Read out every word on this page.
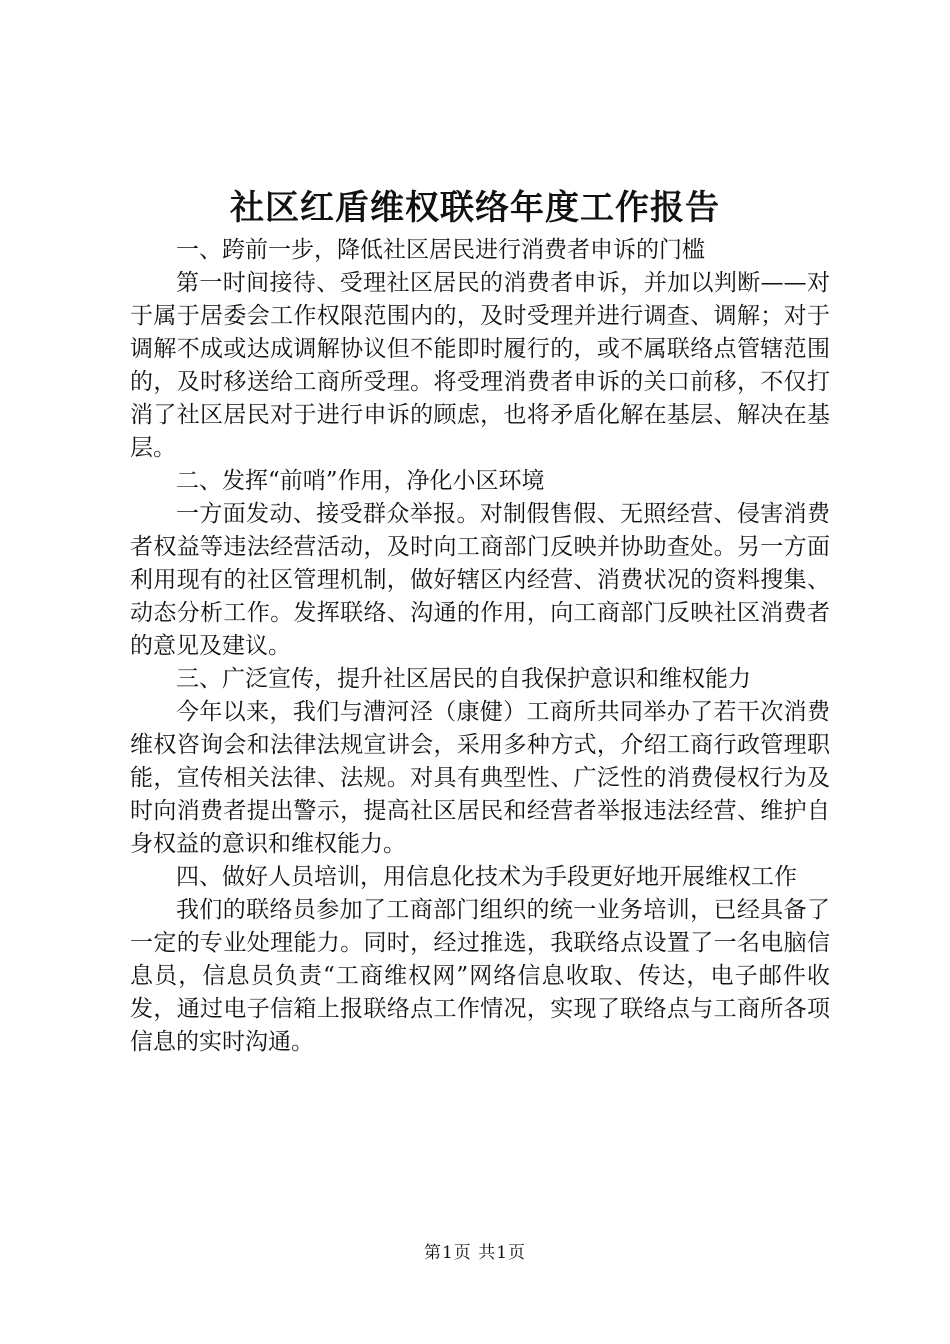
社区红盾维权联络年度工作报告

一、跨前一步，降低社区居民进行消费者申诉的门槛

第一时间接待、受理社区居民的消费者申诉，并加以判断——对于属于居委会工作权限范围内的，及时受理并进行调查、调解；对于调解不成或达成调解协议但不能即时履行的，或不属联络点管辖范围的，及时移送给工商所受理。将受理消费者申诉的关口前移，不仅打消了社区居民对于进行申诉的顾虑，也将矛盾化解在基层、解决在基层。

二、发挥“前哨”作用，净化小区环境

一方面发动、接受群众举报。对制假售假、无照经营、侵害消费者权益等违法经营活动，及时向工商部门反映并协助查处。另一方面利用现有的社区管理机制，做好辖区内经营、消费状况的资料搜集、动态分析工作。发挥联络、沟通的作用，向工商部门反映社区消费者的意见及建议。

三、广泛宣传，提升社区居民的自我保护意识和维权能力

今年以来，我们与漕河泾（康健）工商所共同举办了若干次消费维权咨询会和法律法规宣讲会，采用多种方式，介绍工商行政管理职能，宣传相关法律、法规。对具有典型性、广泛性的消费侵权行为及时向消费者提出警示，提高社区居民和经营者举报违法经营、维护自身权益的意识和维权能力。

四、做好人员培训，用信息化技术为手段更好地开展维权工作

我们的联络员参加了工商部门组织的统一业务培训，已经具备了一定的专业处理能力。同时，经过推选，我联络点设置了一名电脑信息员，信息员负责“工商维权网”网络信息收取、传达，电子邮件收发，通过电子信箱上报联络点工作情况，实现了联络点与工商所各项信息的实时沟通。

第1页 共1页
